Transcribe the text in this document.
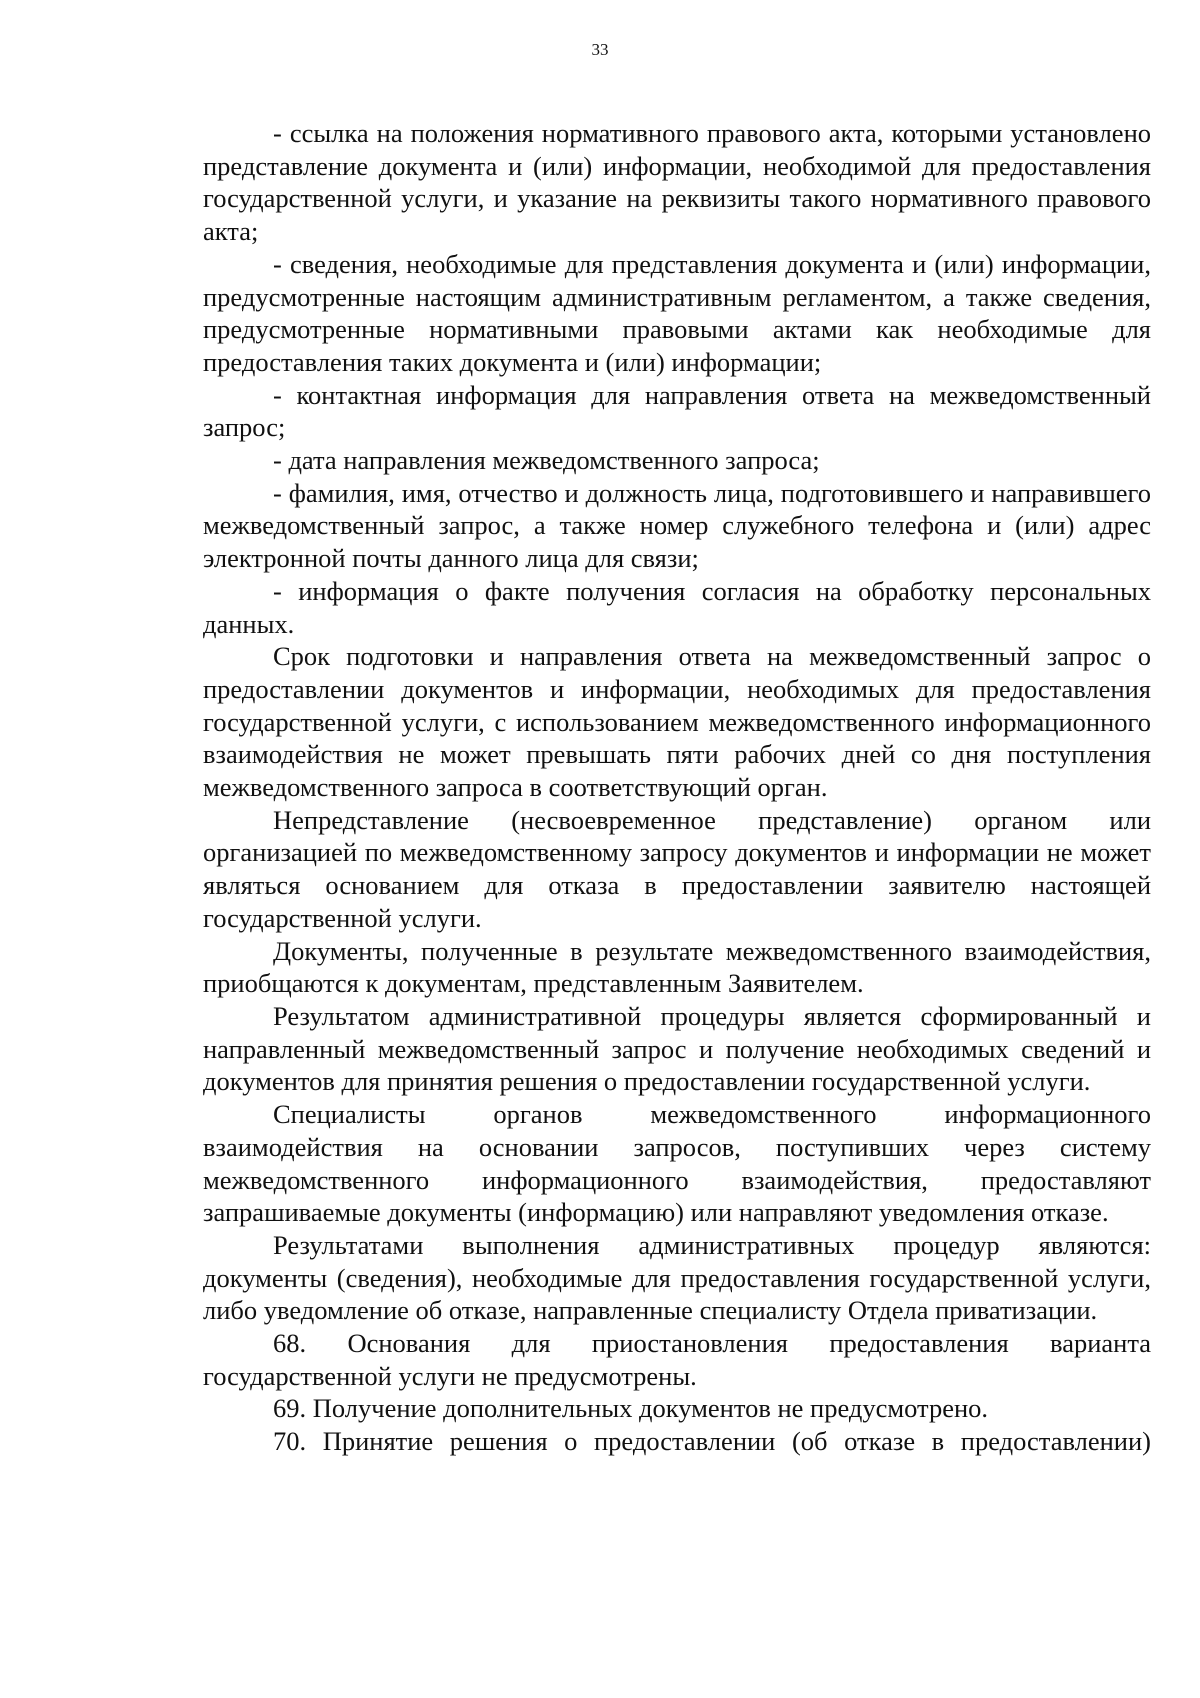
33

- ссылка на положения нормативного правового акта, которыми установлено представление документа и (или) информации, необходимой для предоставления государственной услуги, и указание на реквизиты такого нормативного правового акта;

- сведения, необходимые для представления документа и (или) информации, предусмотренные настоящим административным регламентом, а также сведения, предусмотренные нормативными правовыми актами как необходимые для предоставления таких документа и (или) информации;

- контактная информация для направления ответа на межведомственный запрос;

- дата направления межведомственного запроса;

- фамилия, имя, отчество и должность лица, подготовившего и направившего межведомственный запрос, а также номер служебного телефона и (или) адрес электронной почты данного лица для связи;

- информация о факте получения согласия на обработку персональных данных.

Срок подготовки и направления ответа на межведомственный запрос о предоставлении документов и информации, необходимых для предоставления государственной услуги, с использованием межведомственного информационного взаимодействия не может превышать пяти рабочих дней со дня поступления межведомственного запроса в соответствующий орган.

Непредставление (несвоевременное представление) органом или организацией по межведомственному запросу документов и информации не может являться основанием для отказа в предоставлении заявителю настоящей государственной услуги.

Документы, полученные в результате межведомственного взаимодействия, приобщаются к документам, представленным Заявителем.

Результатом административной процедуры является сформированный и направленный межведомственный запрос и получение необходимых сведений и документов для принятия решения о предоставлении государственной услуги.

Специалисты органов межведомственного информационного взаимодействия на основании запросов, поступивших через систему межведомственного информационного взаимодействия, предоставляют запрашиваемые документы (информацию) или направляют уведомления отказе.

Результатами выполнения административных процедур являются: документы (сведения), необходимые для предоставления государственной услуги, либо уведомление об отказе, направленные специалисту Отдела приватизации.

68. Основания для приостановления предоставления варианта государственной услуги не предусмотрены.

69. Получение дополнительных документов не предусмотрено.

70. Принятие решения о предоставлении (об отказе в предоставлении)
